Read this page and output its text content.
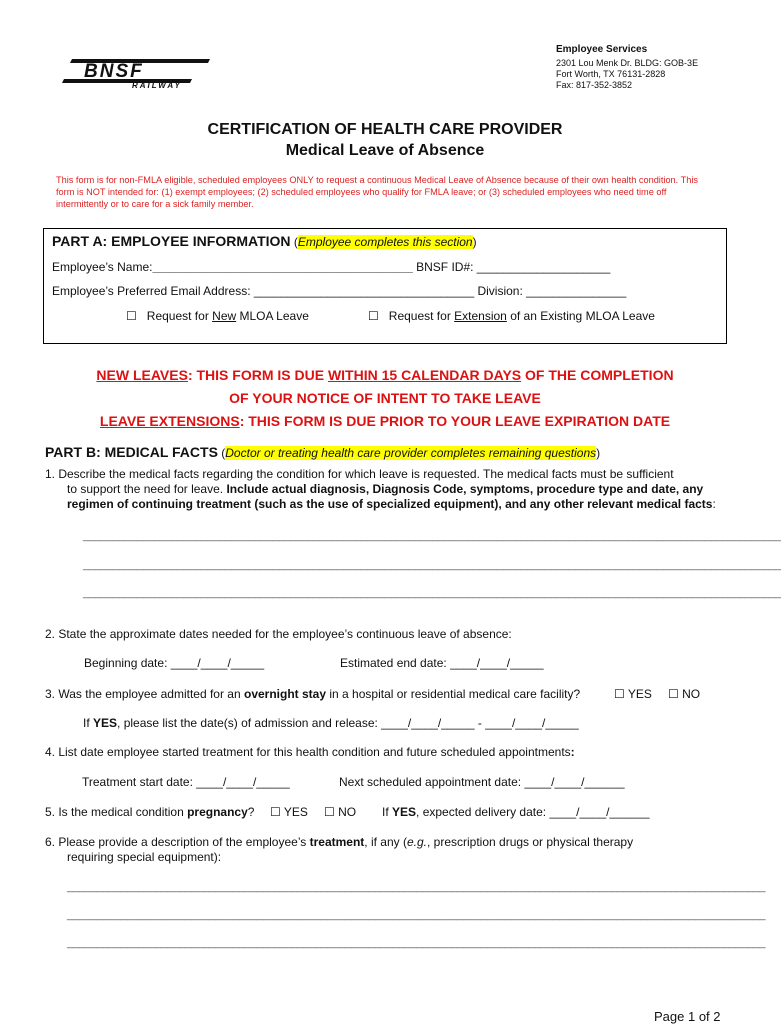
BNSF
RAILWAY
Employee Services
2301 Lou Menk Dr. BLDG: GOB-3E
Fort Worth, TX 76131-2828
Fax: 817-352-3852
CERTIFICATION OF HEALTH CARE PROVIDER
Medical Leave of Absence
This form is for non-FMLA eligible, scheduled employees ONLY to request a continuous Medical Leave of Absence because of their own health condition. This form is NOT intended for: (1) exempt employees; (2) scheduled employees who qualify for FMLA leave; or (3) scheduled employees who need time off intermittently or to care for a sick family member.
PART A: EMPLOYEE INFORMATION (Employee completes this section)
Employee’s Name:_______________________________________ BNSF ID#: ____________________
Employee’s Preferred Email Address: _________________________________ Division: _______________
☐ Request for New MLOA Leave	☐ Request for Extension of an Existing MLOA Leave
NEW LEAVES: THIS FORM IS DUE WITHIN 15 CALENDAR DAYS OF THE COMPLETION
OF YOUR NOTICE OF INTENT TO TAKE LEAVE
LEAVE EXTENSIONS: THIS FORM IS DUE PRIOR TO YOUR LEAVE EXPIRATION DATE
PART B: MEDICAL FACTS (Doctor or treating health care provider completes remaining questions)
1. Describe the medical facts regarding the condition for which leave is requested. The medical facts must be sufficient
to support the need for leave. Include actual diagnosis, Diagnosis Code, symptoms, procedure type and date, any regimen of continuing treatment (such as the use of specialized equipment), and any other relevant medical facts:
______________________________________________________________________________________________________________________
______________________________________________________________________________________________________________________
______________________________________________________________________________________________________________________
2. State the approximate dates needed for the employee’s continuous leave of absence:
Beginning date: ____/____/_____	Estimated end date: ____/____/_____
3. Was the employee admitted for an overnight stay in a hospital or residential medical care facility?	☐ YES ☐ NO
If YES, please list the date(s) of admission and release: ____/____/_____ - ____/____/_____
4. List date employee started treatment for this health condition and future scheduled appointments:
Treatment start date: ____/____/_____	Next scheduled appointment date: ____/____/______
5. Is the medical condition pregnancy? ☐ YES ☐ NO If YES, expected delivery date: ____/____/______
6. Please provide a description of the employee’s treatment, if any (e.g., prescription drugs or physical therapy
requiring special equipment):
______________________________________________________________________________________________________________________
______________________________________________________________________________________________________________________
______________________________________________________________________________________________________________________
Page 1 of 2
